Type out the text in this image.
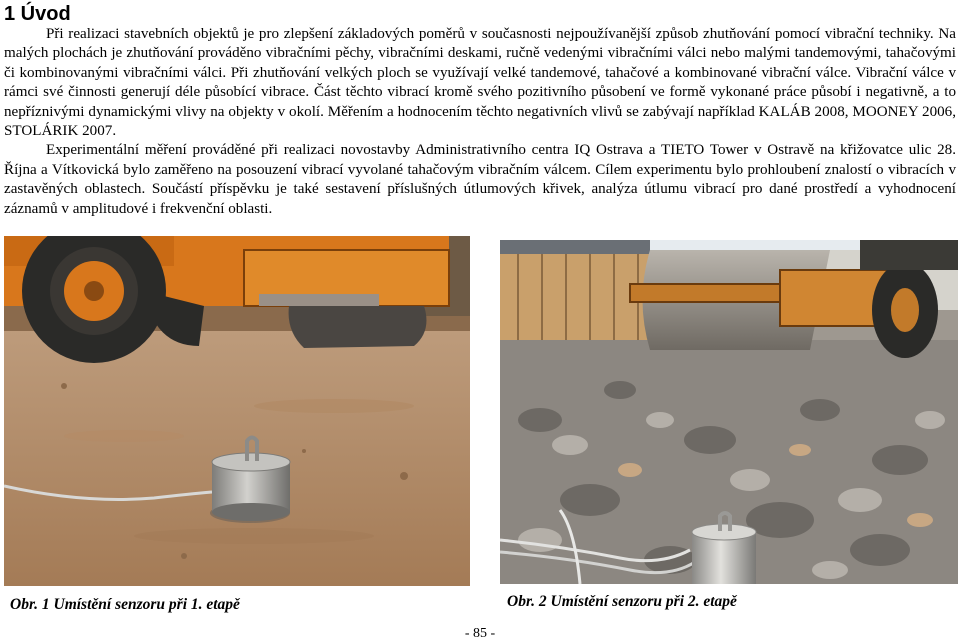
1 Úvod

Při realizaci stavebních objektů je pro zlepšení základových poměrů v současnosti nejpoužívanější způsob zhutňování pomocí vibrační techniky. Na malých plochách je zhutňování prováděno vibračními pěchy, vibračními deskami, ručně vedenými vibračními válci nebo malými tandemovými, tahačovými či kombinovanými vibračními válci. Při zhutňování velkých ploch se využívají velké tandemové, tahačové a kombinované vibrační válce. Vibrační válce v rámci své činnosti generují déle působící vibrace. Část těchto vibrací kromě svého pozitivního působení ve formě vykonané práce působí i negativně, a to nepříznivými dynamickými vlivy na objekty v okolí. Měřením a hodnocením těchto negativních vlivů se zabývají například KALÁB 2008, MOONEY 2006, STOLÁRIK 2007.

Experimentální měření prováděné při realizaci novostavby Administrativního centra IQ Ostrava a TIETO Tower v Ostravě na křižovatce ulic 28. Října a Vítkovická bylo zaměřeno na posouzení vibrací vyvolané tahačovým vibračním válcem. Cílem experimentu bylo prohloubení znalostí o vibracích v zastavěných oblastech. Součástí příspěvku je také sestavení příslušných útlumových křivek, analýza útlumu vibrací pro dané prostředí a vyhodnocení záznamů v amplitudové i frekvenční oblasti.

Obr. 1 Umístění senzoru při 1. etapě	Obr. 2 Umístění senzoru při 2. etapě
- 85 -
